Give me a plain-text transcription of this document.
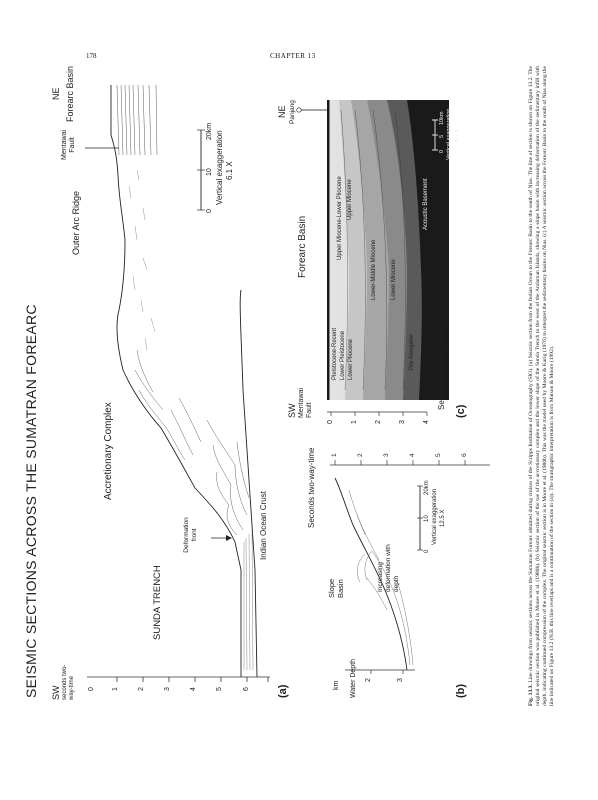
178	CHAPTER 13
SEISMIC SECTIONS ACROSS THE SUMATRAN FOREARC SW seconds two-way-time 0 1	2	3	4	5	6
SUNDA TRENCH
Deformation front	Indian Ocean Crust
Accretionary Complex
Outer Arc Ridge
Mentawai Fault
NE Forearc Basin
0
10
20km Vertical exaggeration 6.1 X
(a)	km
2	3
Water Depth
Slope Basin	Increasing deformation with depth
Seconds two-way-time 1	2	3	4	5	6
0
10
20km
Vertical exaggeration 12.5 X
(b)
SW Mentawai Fault
Forearc Basin
NE Panjang
0 1 2 3 4
Seconds two-way-time
Pleistocene-Recent Lower Pleistocene Lower Pliocene
Upper Miocene-Lower Pliocene Upper Miocene
Lower-Middle Miocene Lower Miocene
Pre-Neogene
Acoustic Basement
0
5
10km Vertical exaggeration 6.1 X
(c)
Fig. 13.3. Line drawings from seismic sections across the Sumatran Forearc obtained during cruises of the Scripps Institution of Oceanography (SIO). (a) Seismic section from the Indian Ocean to the Forearc Basin to the south of Nias. The line of section is shown on Figure 13.2. The original seismic section was published in Moore et al. (1980b). (b) Seismic section of the toe of the accretionary complex and the lower slope of the Sunda Trench to the west of the Andaman Islands, showing a slope basin with increasing deformation of the sedimentary infill with depth, indicating continued compression of the complex. The original seismic section is in Moore et al. (1980b). This was the model used by Moore & Karig (1976) to interpret the sedimentary basins on Nias. (c) A seismic section across the Forearc Basin to the south of Nias along the line indicated on Figure 13.2 (N.B. this line overlaps and is a continuation of the section in (a)). The stratigraphic interpretation is from Matson & Moore (1992).
